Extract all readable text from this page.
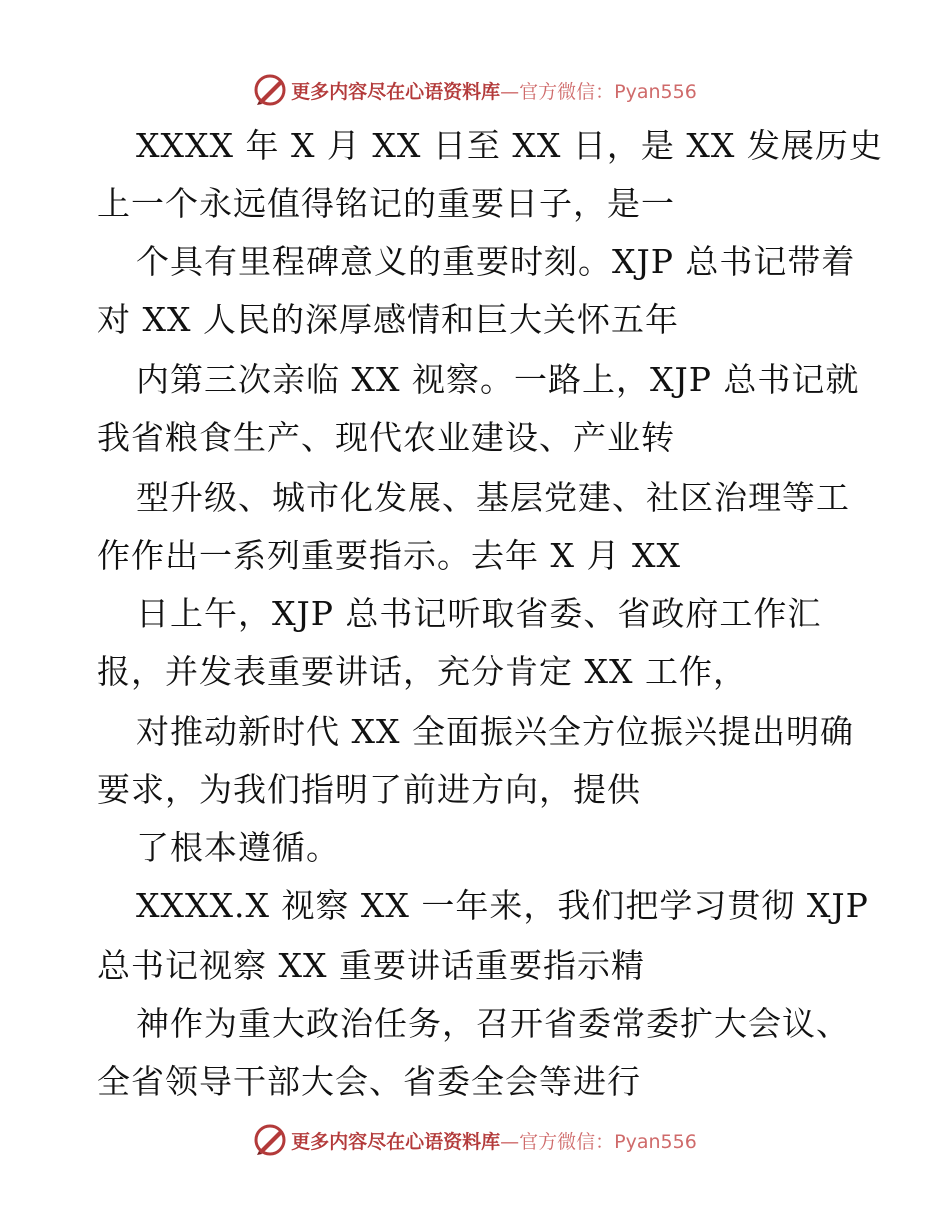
更多内容尽在心语资料库—官方微信：Pyan556
XXXX 年 X 月 XX 日至 XX 日，是 XX 发展历史
上一个永远值得铭记的重要日子，是一
个具有里程碑意义的重要时刻。XJP 总书记带着
对 XX 人民的深厚感情和巨大关怀五年
内第三次亲临 XX 视察。一路上，XJP 总书记就
我省粮食生产、现代农业建设、产业转
型升级、城市化发展、基层党建、社区治理等工
作作出一系列重要指示。去年 X 月 XX
日上午，XJP 总书记听取省委、省政府工作汇
报，并发表重要讲话，充分肯定 XX 工作，
对推动新时代 XX 全面振兴全方位振兴提出明确
要求，为我们指明了前进方向，提供
了根本遵循。
XXXX.X 视察 XX 一年来，我们把学习贯彻 XJP
总书记视察 XX 重要讲话重要指示精
神作为重大政治任务，召开省委常委扩大会议、
全省领导干部大会、省委全会等进行
更多内容尽在心语资料库—官方微信：Pyan556
